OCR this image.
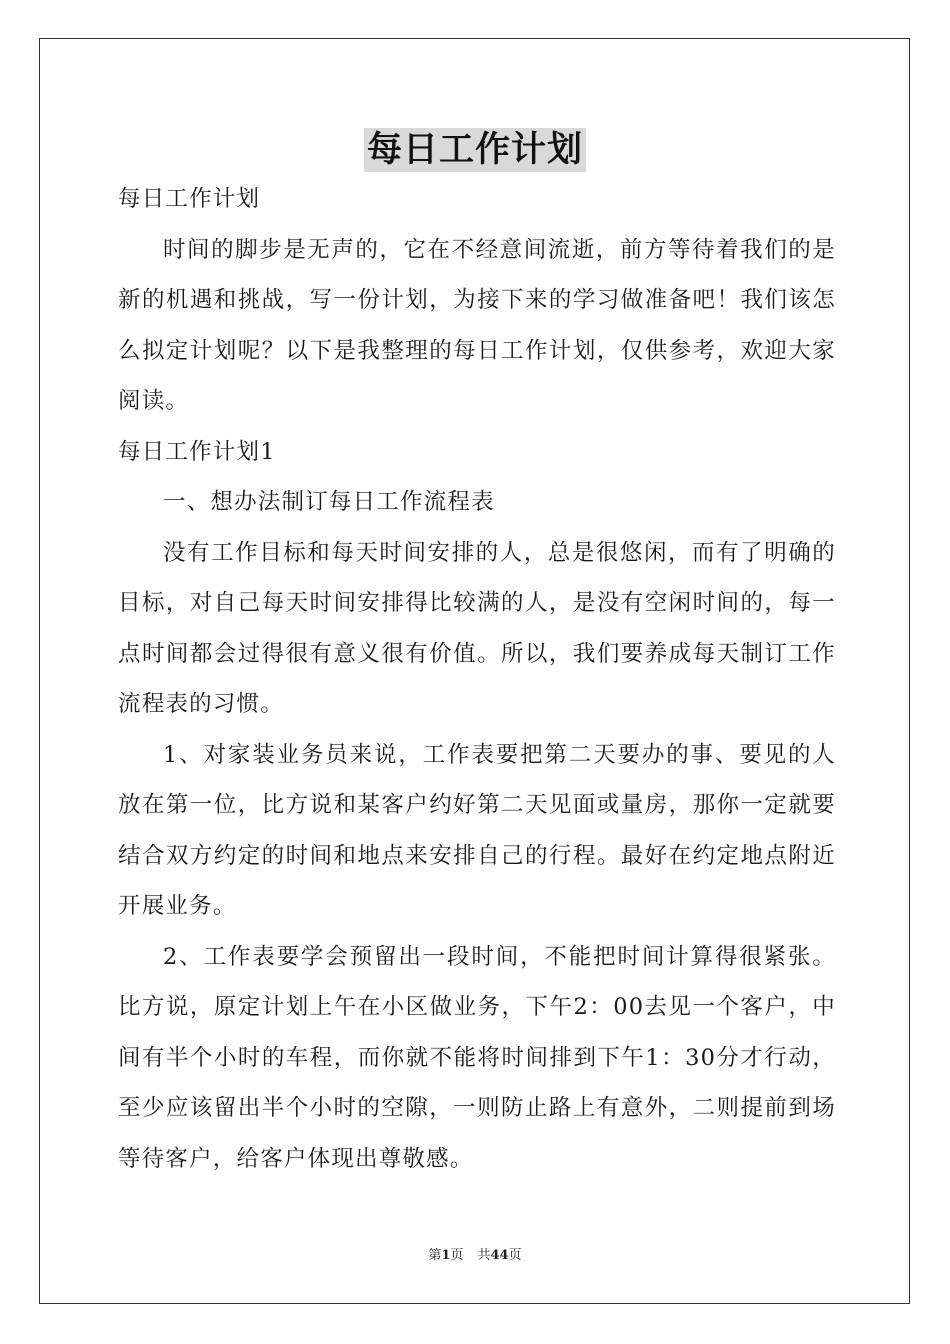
每日工作计划

每日工作计划

时间的脚步是无声的，它在不经意间流逝，前方等待着我们的是新的机遇和挑战，写一份计划，为接下来的学习做准备吧！我们该怎么拟定计划呢？以下是我整理的每日工作计划，仅供参考，欢迎大家阅读。

每日工作计划1

一、想办法制订每日工作流程表

没有工作目标和每天时间安排的人，总是很悠闲，而有了明确的目标，对自己每天时间安排得比较满的人，是没有空闲时间的，每一点时间都会过得很有意义很有价值。所以，我们要养成每天制订工作流程表的习惯。

1、对家装业务员来说，工作表要把第二天要办的事、要见的人放在第一位，比方说和某客户约好第二天见面或量房，那你一定就要结合双方约定的时间和地点来安排自己的行程。最好在约定地点附近开展业务。

2、工作表要学会预留出一段时间，不能把时间计算得很紧张。比方说，原定计划上午在小区做业务，下午2：00去见一个客户，中间有半个小时的车程，而你就不能将时间排到下午1：30分才行动，至少应该留出半个小时的空隙，一则防止路上有意外，二则提前到场等待客户，给客户体现出尊敬感。

第1页 共44页
